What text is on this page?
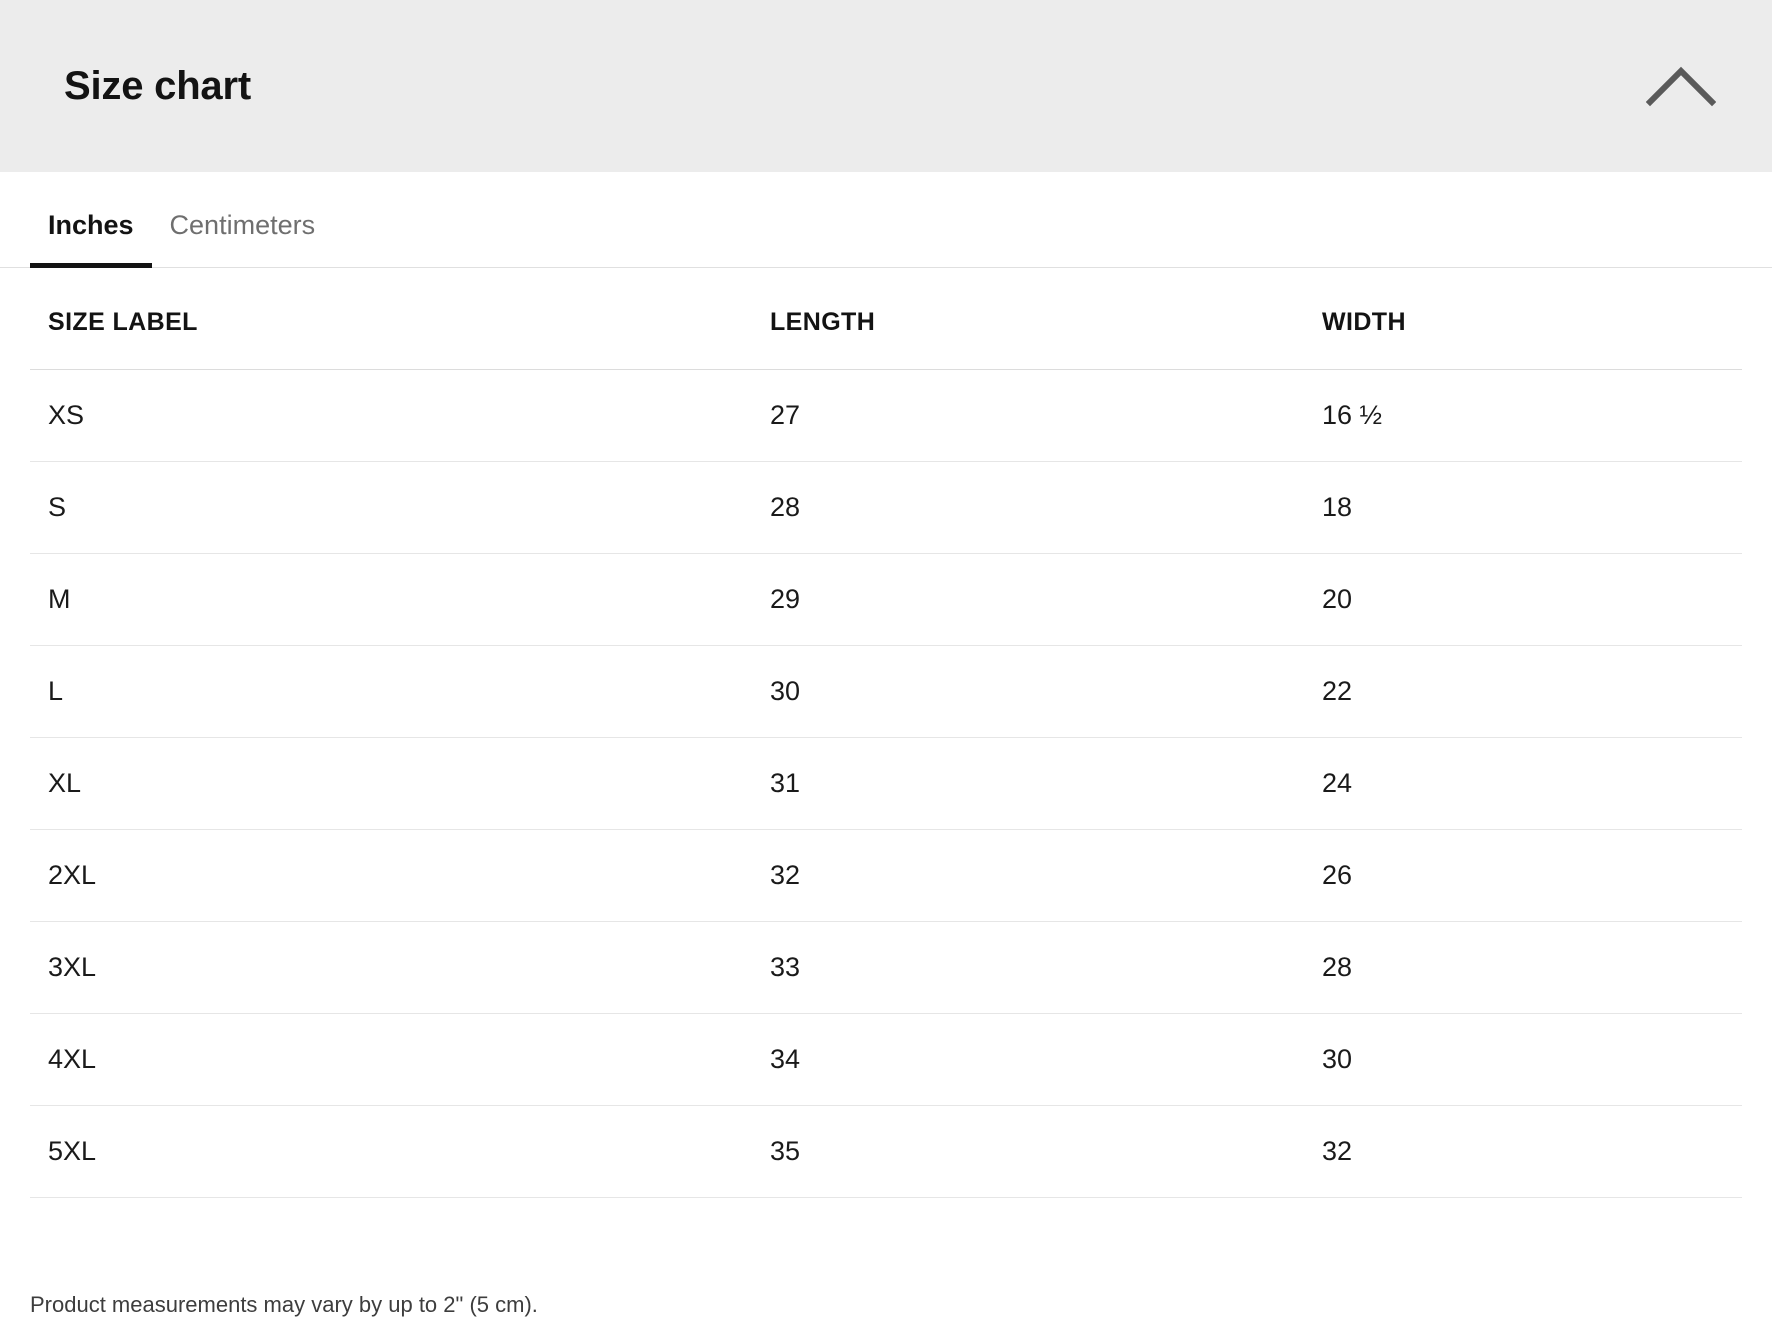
Size chart
Inches	Centimeters
SIZE LABEL	LENGTH	WIDTH
XS	27	16 ½
S	28	18
M	29	20
L	30	22
XL	31	24
2XL	32	26
3XL	33	28
4XL	34	30
5XL	35	32
Product measurements may vary by up to 2" (5 cm).
